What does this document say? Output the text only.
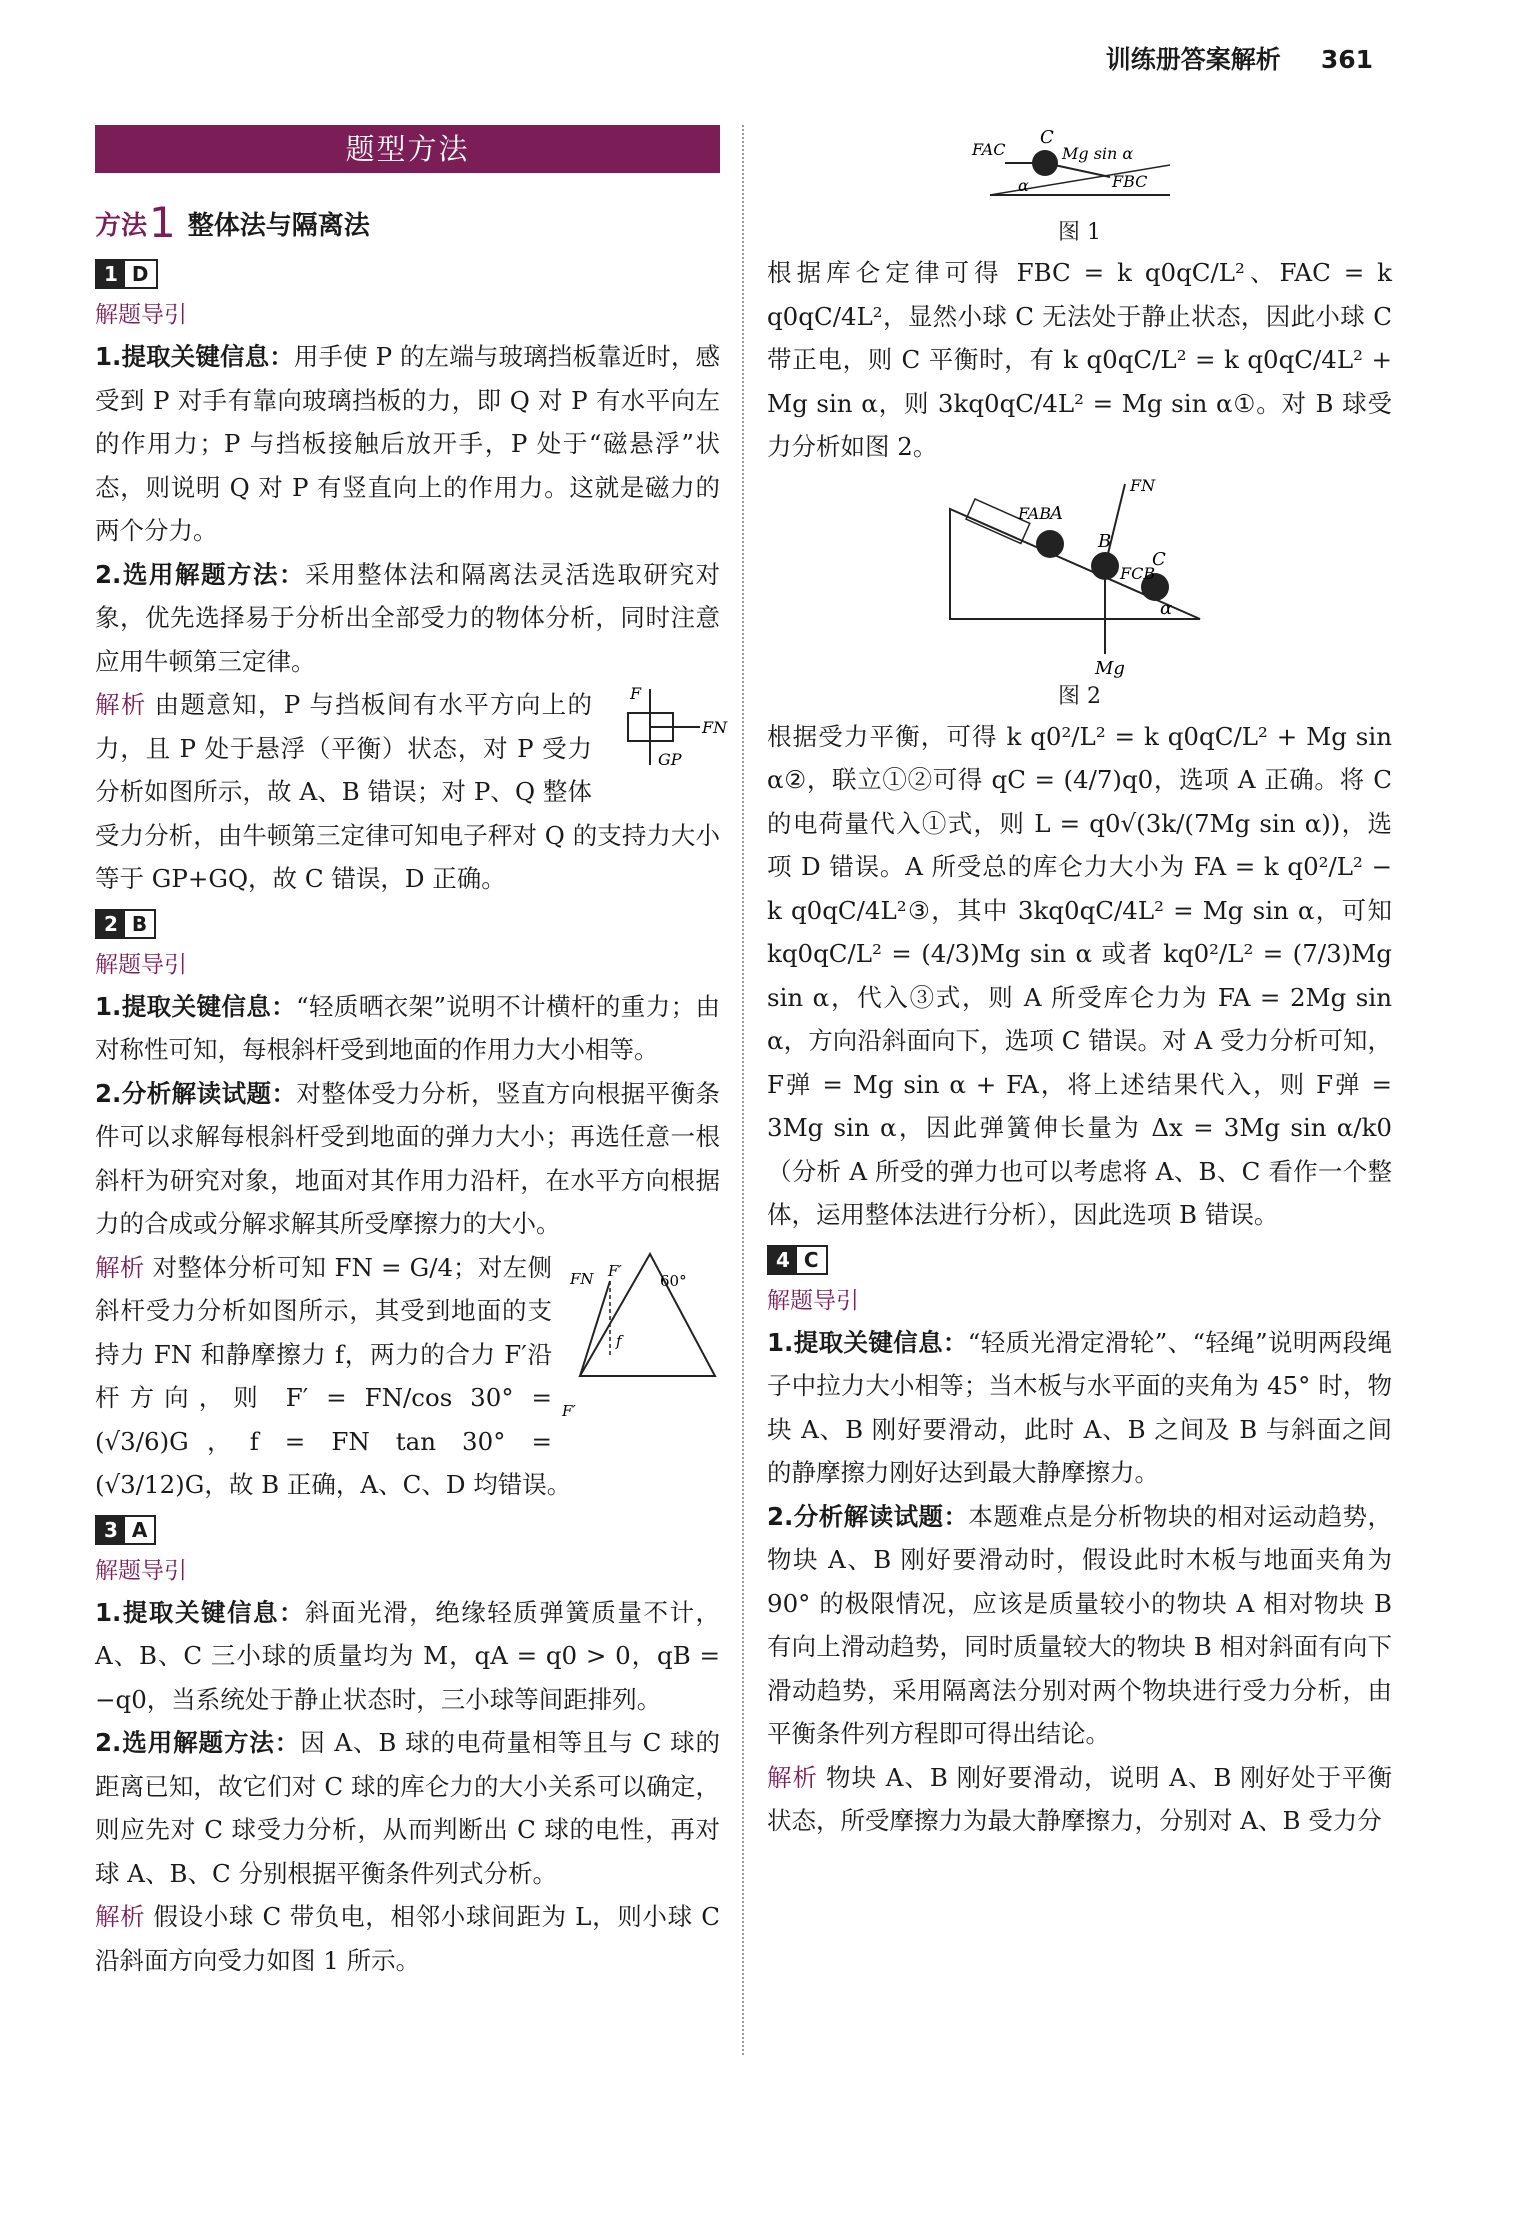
训练册答案解析 361
题型方法
方法1 整体法与隔离法
1 D
解题导引

1.提取关键信息：用手使 P 的左端与玻璃挡板靠近时，感受到 P 对手有靠向玻璃挡板的力，即 Q 对 P 有水平向左的作用力；P 与挡板接触后放开手，P 处于“磁悬浮”状态，则说明 Q 对 P 有竖直向上的作用力。这就是磁力的两个分力。

2.选用解题方法：采用整体法和隔离法灵活选取研究对象，优先选择易于分析出全部受力的物体分析，同时注意应用牛顿第三定律。

F
FN
GP
解析 由题意知，P 与挡板间有水平方向上的力，且 P 处于悬浮（平衡）状态，对 P 受力分析如图所示，故 A、B 错误；对 P、Q 整体受力分析，由牛顿第三定律可知电子秤对 Q 的支持力大小等于 GP+GQ，故 C 错误，D 正确。

2 B
解题导引

1.提取关键信息：“轻质晒衣架”说明不计横杆的重力；由对称性可知，每根斜杆受到地面的作用力大小相等。

2.分析解读试题：对整体受力分析，竖直方向根据平衡条件可以求解每根斜杆受到地面的弹力大小；再选任意一根斜杆为研究对象，地面对其作用力沿杆，在水平方向根据力的合成或分解求解其所受摩擦力的大小。

60°
FN F′
f
F′
解析 对整体分析可知 FN = G/4；对左侧斜杆受力分析如图所示，其受到地面的支持力 FN 和静摩擦力 f，两力的合力 F′沿杆方向，则 F′ = FN/cos 30° = (√3/6)G，f = FN tan 30° = (√3/12)G，故 B 正确，A、C、D 均错误。

3 A
解题导引

1.提取关键信息：斜面光滑，绝缘轻质弹簧质量不计，A、B、C 三小球的质量均为 M，qA = q0 > 0，qB = −q0，当系统处于静止状态时，三小球等间距排列。

2.选用解题方法：因 A、B 球的电荷量相等且与 C 球的距离已知，故它们对 C 球的库仑力的大小关系可以确定，则应先对 C 球受力分析，从而判断出 C 球的电性，再对球 A、B、C 分别根据平衡条件列式分析。

解析 假设小球 C 带负电，相邻小球间距为 L，则小球 C 沿斜面方向受力如图 1 所示。

C
FAC	Mg sin α
FBC
α
图 1

根据库仑定律可得 FBC = k q0qC/L²、FAC = k q0qC/4L²，显然小球 C 无法处于静止状态，因此小球 C 带正电，则 C 平衡时，有 k q0qC/L² = k q0qC/4L² + Mg sin α，则 3kq0qC/4L² = Mg sin α①。对 B 球受力分析如图 2。

FAB
A
B
C
FN
FCB
Mg
α
图 2

根据受力平衡，可得 k q0²/L² = k q0qC/L² + Mg sin α②，联立①②可得 qC = (4/7)q0，选项 A 正确。将 C 的电荷量代入①式，则 L = q0√(3k/(7Mg sin α))，选项 D 错误。A 所受总的库仑力大小为 FA = k q0²/L² − k q0qC/4L²③，其中 3kq0qC/4L² = Mg sin α，可知 kq0qC/L² = (4/3)Mg sin α 或者 kq0²/L² = (7/3)Mg sin α，代入③式，则 A 所受库仑力为 FA = 2Mg sin α，方向沿斜面向下，选项 C 错误。对 A 受力分析可知，F弹 = Mg sin α + FA，将上述结果代入，则 F弹 = 3Mg sin α，因此弹簧伸长量为 Δx = 3Mg sin α/k0（分析 A 所受的弹力也可以考虑将 A、B、C 看作一个整体，运用整体法进行分析），因此选项 B 错误。

4 C
解题导引

1.提取关键信息：“轻质光滑定滑轮”、“轻绳”说明两段绳子中拉力大小相等；当木板与水平面的夹角为 45° 时，物块 A、B 刚好要滑动，此时 A、B 之间及 B 与斜面之间的静摩擦力刚好达到最大静摩擦力。

2.分析解读试题：本题难点是分析物块的相对运动趋势，物块 A、B 刚好要滑动时，假设此时木板与地面夹角为 90° 的极限情况，应该是质量较小的物块 A 相对物块 B 有向上滑动趋势，同时质量较大的物块 B 相对斜面有向下滑动趋势，采用隔离法分别对两个物块进行受力分析，由平衡条件列方程即可得出结论。

解析 物块 A、B 刚好要滑动，说明 A、B 刚好处于平衡状态，所受摩擦力为最大静摩擦力，分别对 A、B 受力分
